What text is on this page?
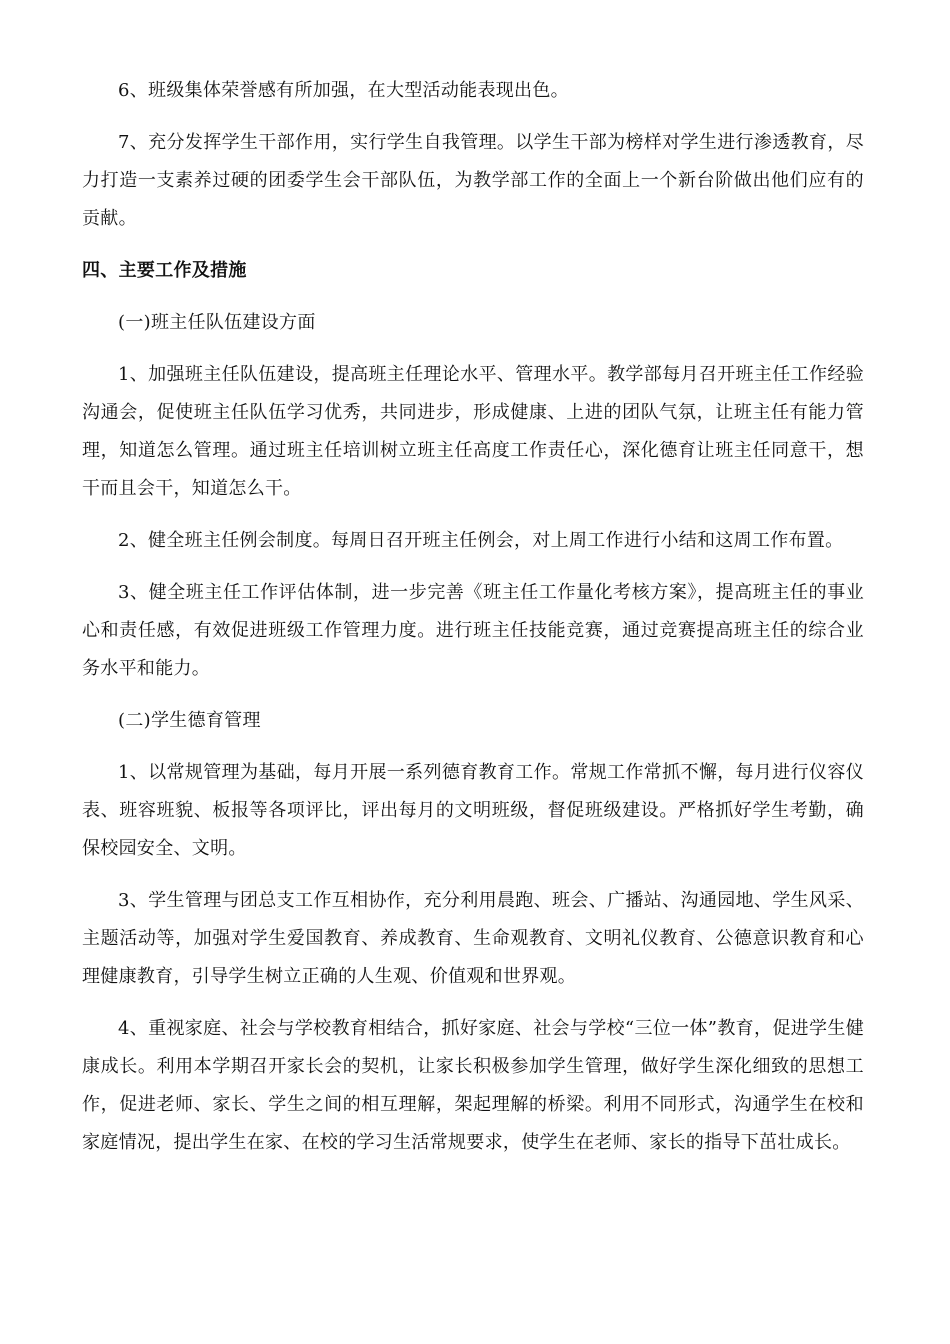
6、班级集体荣誉感有所加强，在大型活动能表现出色。

7、充分发挥学生干部作用，实行学生自我管理。以学生干部为榜样对学生进行渗透教育，尽力打造一支素养过硬的团委学生会干部队伍，为教学部工作的全面上一个新台阶做出他们应有的贡献。

四、主要工作及措施

(一)班主任队伍建设方面

1、加强班主任队伍建设，提高班主任理论水平、管理水平。教学部每月召开班主任工作经验沟通会，促使班主任队伍学习优秀，共同进步，形成健康、上进的团队气氛，让班主任有能力管理，知道怎么管理。通过班主任培训树立班主任高度工作责任心，深化德育让班主任同意干，想干而且会干，知道怎么干。

2、健全班主任例会制度。每周日召开班主任例会，对上周工作进行小结和这周工作布置。

3、健全班主任工作评估体制，进一步完善《班主任工作量化考核方案》，提高班主任的事业心和责任感，有效促进班级工作管理力度。进行班主任技能竞赛，通过竞赛提高班主任的综合业务水平和能力。

(二)学生德育管理

1、以常规管理为基础，每月开展一系列德育教育工作。常规工作常抓不懈，每月进行仪容仪表、班容班貌、板报等各项评比，评出每月的文明班级，督促班级建设。严格抓好学生考勤，确保校园安全、文明。

3、学生管理与团总支工作互相协作，充分利用晨跑、班会、广播站、沟通园地、学生风采、主题活动等，加强对学生爱国教育、养成教育、生命观教育、文明礼仪教育、公德意识教育和心理健康教育，引导学生树立正确的人生观、价值观和世界观。

4、重视家庭、社会与学校教育相结合，抓好家庭、社会与学校“三位一体”教育，促进学生健康成长。利用本学期召开家长会的契机，让家长积极参加学生管理，做好学生深化细致的思想工作，促进老师、家长、学生之间的相互理解，架起理解的桥梁。利用不同形式，沟通学生在校和家庭情况，提出学生在家、在校的学习生活常规要求，使学生在老师、家长的指导下茁壮成长。
